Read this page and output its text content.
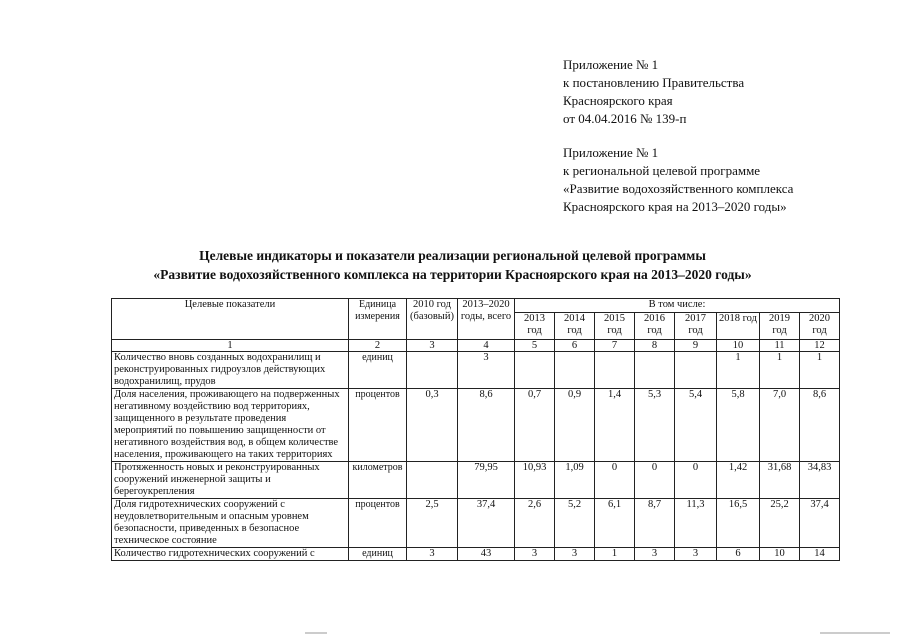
Приложение № 1
к постановлению Правительства
Красноярского края
от 04.04.2016 № 139-п
Приложение № 1
к региональной целевой программе
«Развитие водохозяйственного комплекса
Красноярского края на 2013–2020 годы»
Целевые индикаторы и показатели реализации региональной целевой программы
«Развитие водохозяйственного комплекса на территории Красноярского края на 2013–2020 годы»
Целевые показатели	Единица измерения	2010 год (базовый)	2013–2020 годы, всего	В том числе:							
				2013 год	2014 год	2015 год	2016 год	2017 год	2018 год	2019 год	2020 год
1	2	3	4	5	6	7	8	9	10	11	12
Количество вновь созданных водохранилищ и реконструированных гидроузлов действующих водохранилищ, прудов	единиц		3						1	1	1
Доля населения, проживающего на подверженных негативному воздействию вод территориях, защищенного в результате проведения мероприятий по повышению защищенности от негативного воздействия вод, в общем количестве населения, проживающего на таких территориях	процентов	0,3	8,6	0,7	0,9	1,4	5,3	5,4	5,8	7,0	8,6
Протяженность новых и реконструированных сооружений инженерной защиты и берегоукрепления	километров		79,95	10,93	1,09	0	0	0	1,42	31,68	34,83
Доля гидротехнических сооружений с неудовлетворительным и опасным уровнем безопасности, приведенных в безопасное техническое состояние	процентов	2,5	37,4	2,6	5,2	6,1	8,7	11,3	16,5	25,2	37,4
Количество гидротехнических сооружений с	единиц	3	43	3	3	1	3	3	6	10	14
